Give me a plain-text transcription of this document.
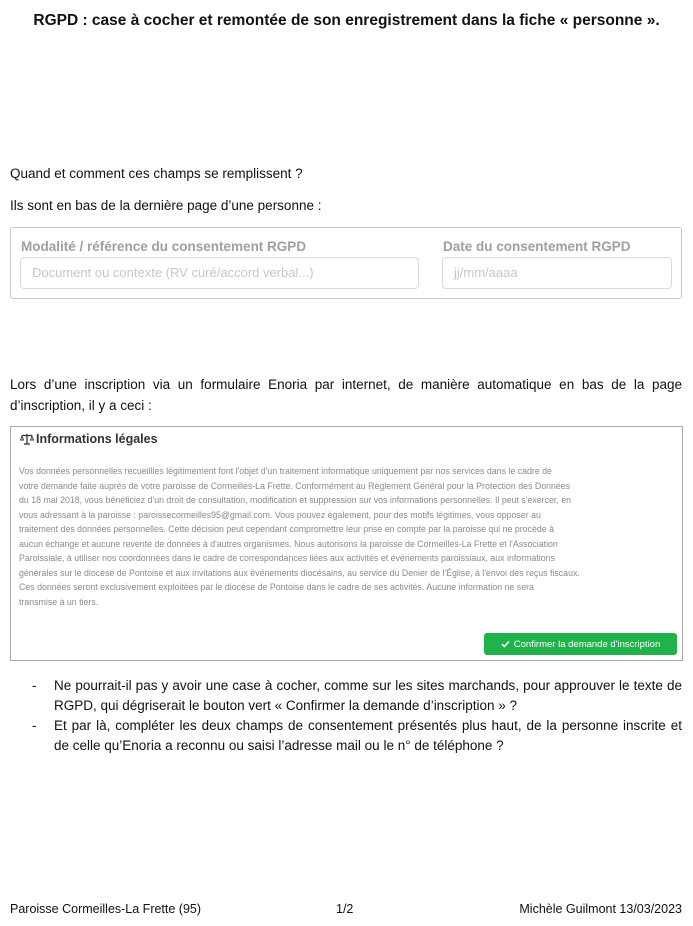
RGPD : case à cocher et remontée de son enregistrement dans la fiche « personne ».
Quand et comment ces champs se remplissent ?
Ils sont en bas de la dernière page d’une personne :
Modalité / référence du consentement RGPD
Document ou contexte (RV curé/accord verbal...)
Date du consentement RGPD
jj/mm/aaaa
Lors d’une inscription via un formulaire Enoria par internet, de manière automatique en bas de la page d’inscription, il y a ceci :
Informations légales
Vos données personnelles recueillies légitimement font l'objet d'un traitement informatique uniquement par nos services dans le cadre de
votre demande faite auprès de votre paroisse de Cormeilles-La Frette. Conformément au Règlement Général pour la Protection des Données
du 18 mai 2018, vous bénéficiez d'un droit de consultation, modification et suppression sur vos informations personnelles. Il peut s'exercer, en
vous adressant à la paroisse : paroissecormeilles95@gmail.com. Vous pouvez également, pour des motifs légitimes, vous opposer au
traitement des données personnelles. Cette décision peut cependant compromettre leur prise en compte par la paroisse qui ne procède à
aucun échange et aucune revente de données à d'autres organismes. Nous autorisons la paroisse de Cormeilles-La Frette et l'Association
Paroissiale, à utiliser nos coordonnées dans le cadre de correspondances liées aux activités et événements paroissiaux, aux informations
générales sur le diocèse de Pontoise et aux invitations aux événements diocésains, au service du Denier de l'Église, à l'envoi des reçus fiscaux.
Ces données seront exclusivement exploitées par le diocèse de Pontoise dans le cadre de ses activités. Aucune information ne sera
transmise à un tiers.
Confirmer la demande d'inscription
-	Ne pourrait-il pas y avoir une case à cocher, comme sur les sites marchands, pour approuver le texte de RGPD, qui dégriserait le bouton vert « Confirmer la demande d’inscription » ?
-	Et par là, compléter les deux champs de consentement présentés plus haut, de la personne inscrite et de celle qu’Enoria a reconnu ou saisi l’adresse mail ou le n° de téléphone ?
Paroisse Cormeilles-La Frette (95)	1/2	Michèle Guilmont 13/03/2023
